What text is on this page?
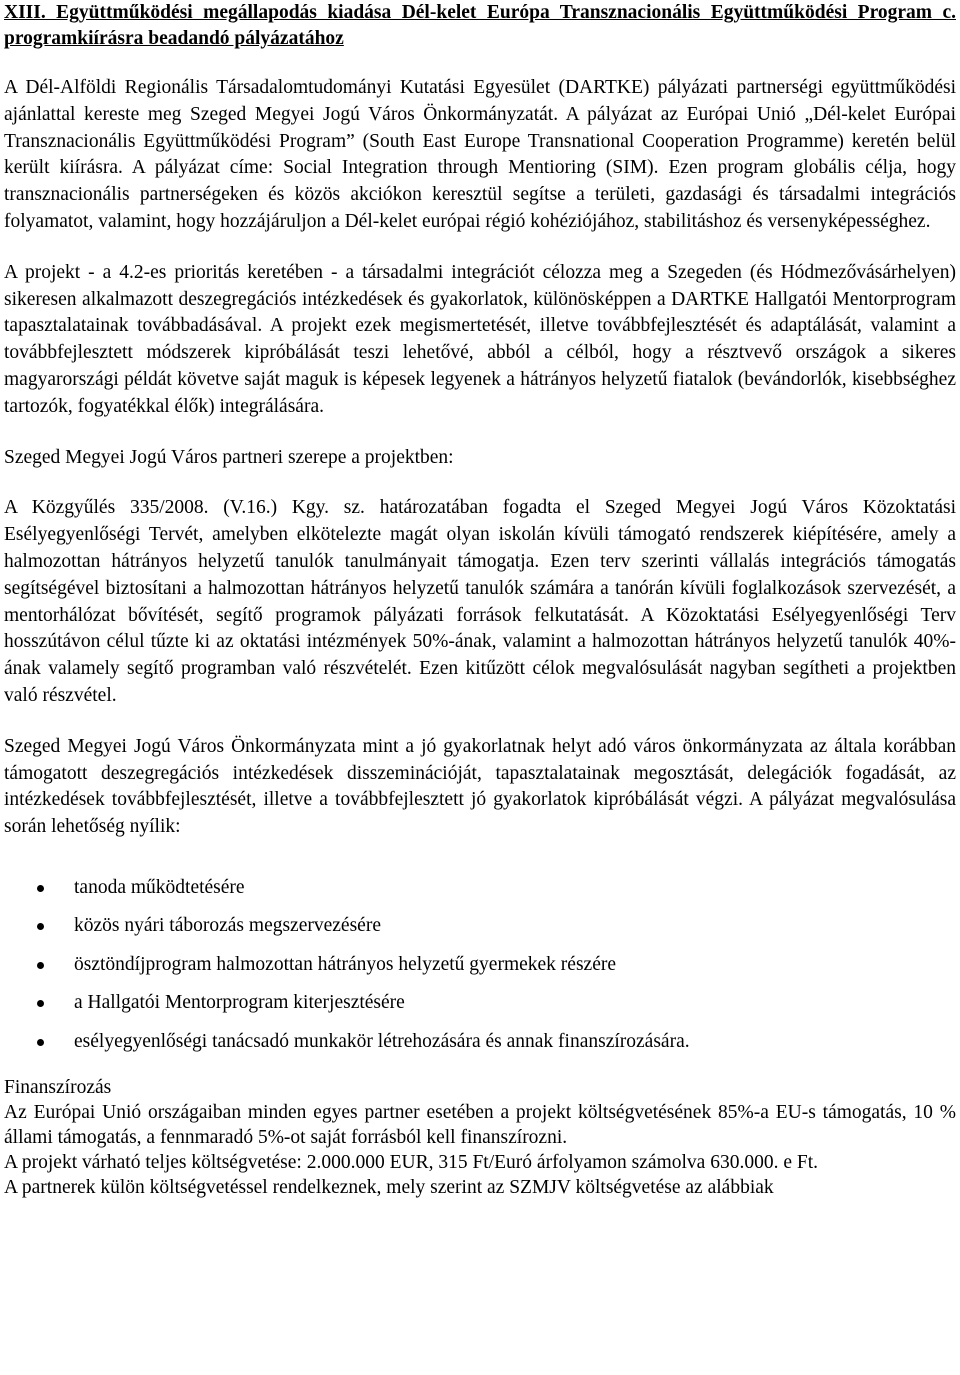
XIII. Együttműködési megállapodás kiadása Dél-kelet Európa Transznacionális Együttműködési Program c. programkiírásra beadandó pályázatához

A Dél-Alföldi Regionális Társadalomtudományi Kutatási Egyesület (DARTKE) pályázati partnerségi együttműködési ajánlattal kereste meg Szeged Megyei Jogú Város Önkormányzatát. A pályázat az Európai Unió „Dél-kelet Európai Transznacionális Együttműködési Program” (South East Europe Transnational Cooperation Programme) keretén belül került kiírásra. A pályázat címe: Social Integration through Mentioring (SIM). Ezen program globális célja, hogy transznacionális partnerségeken és közös akciókon keresztül segítse a területi, gazdasági és társadalmi integrációs folyamatot, valamint, hogy hozzájáruljon a Dél-kelet európai régió kohéziójához, stabilitáshoz és versenyképességhez.

A projekt - a 4.2-es prioritás keretében - a társadalmi integrációt célozza meg a Szegeden (és Hódmezővásárhelyen) sikeresen alkalmazott deszegregációs intézkedések és gyakorlatok, különösképpen a DARTKE Hallgatói Mentorprogram tapasztalatainak továbbadásával. A projekt ezek megismertetését, illetve továbbfejlesztését és adaptálását, valamint a továbbfejlesztett módszerek kipróbálását teszi lehetővé, abból a célból, hogy a résztvevő országok a sikeres magyarországi példát követve saját maguk is képesek legyenek a hátrányos helyzetű fiatalok (bevándorlók, kisebbséghez tartozók, fogyatékkal élők) integrálására.

Szeged Megyei Jogú Város partneri szerepe a projektben:

A Közgyűlés 335/2008. (V.16.) Kgy. sz. határozatában fogadta el Szeged Megyei Jogú Város Közoktatási Esélyegyenlőségi Tervét, amelyben elkötelezte magát olyan iskolán kívüli támogató rendszerek kiépítésére, amely a halmozottan hátrányos helyzetű tanulók tanulmányait támogatja. Ezen terv szerinti vállalás integrációs támogatás segítségével biztosítani a halmozottan hátrányos helyzetű tanulók számára a tanórán kívüli foglalkozások szervezését, a mentorhálózat bővítését, segítő programok pályázati források felkutatását. A Közoktatási Esélyegyenlőségi Terv hosszútávon célul tűzte ki az oktatási intézmények 50%-ának, valamint a halmozottan hátrányos helyzetű tanulók 40%-ának valamely segítő programban való részvételét. Ezen kitűzött célok megvalósulását nagyban segítheti a projektben való részvétel.

Szeged Megyei Jogú Város Önkormányzata mint a jó gyakorlatnak helyt adó város önkormányzata az általa korábban támogatott deszegregációs intézkedések disszeminációját, tapasztalatainak megosztását, delegációk fogadását, az intézkedések továbbfejlesztését, illetve a továbbfejlesztett jó gyakorlatok kipróbálását végzi. A pályázat megvalósulása során lehetőség nyílik:

tanoda működtetésére
közös nyári táborozás megszervezésére
ösztöndíjprogram halmozottan hátrányos helyzetű gyermekek részére
a Hallgatói Mentorprogram kiterjesztésére
esélyegyenlőségi tanácsadó munkakör létrehozására és annak finanszírozására.

Finanszírozás

Az Európai Unió országaiban minden egyes partner esetében a projekt költségvetésének 85%-a EU-s támogatás, 10 % állami támogatás, a fennmaradó 5%-ot saját forrásból kell finanszírozni.

A projekt várható teljes költségvetése: 2.000.000 EUR, 315 Ft/Euró árfolyamon számolva 630.000. e Ft.

A partnerek külön költségvetéssel rendelkeznek, mely szerint az SZMJV költségvetése az alábbiak
